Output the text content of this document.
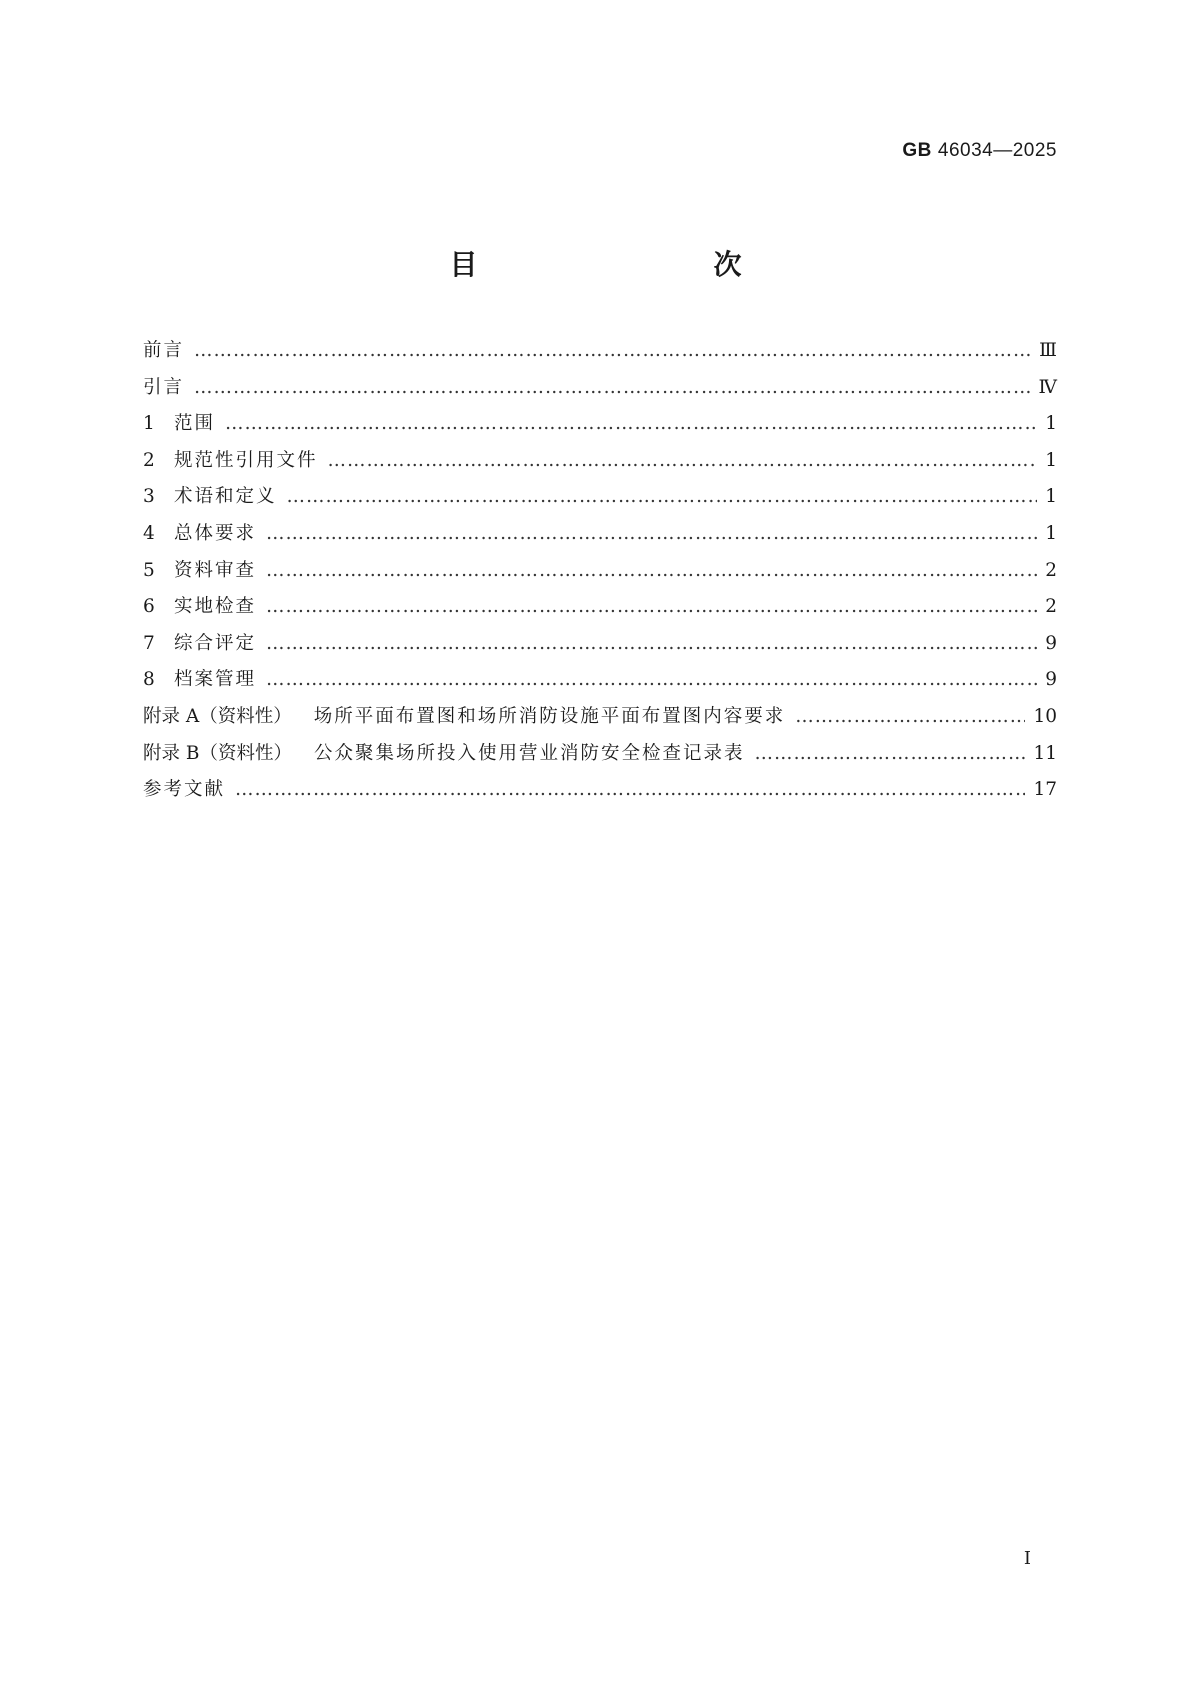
GB 46034—2025
目　　次
前言 …………………………………………………………………………………………………………………………………………………………………	Ⅲ
引言 …………………………………………………………………………………………………………………………………………………………………	Ⅳ
1	范围 …………………………………………………………………………………………………………………………………………………………………	1
2	规范性引用文件 …………………………………………………………………………………………………………………………………………………………………	1
3	术语和定义 …………………………………………………………………………………………………………………………………………………………………	1
4	总体要求 …………………………………………………………………………………………………………………………………………………………………	1
5	资料审查 …………………………………………………………………………………………………………………………………………………………………	2
6	实地检查 …………………………………………………………………………………………………………………………………………………………………	2
7	综合评定 …………………………………………………………………………………………………………………………………………………………………	9
8	档案管理 …………………………………………………………………………………………………………………………………………………………………	9
附录 A（资料性） 场所平面布置图和场所消防设施平面布置图内容要求 …………………………………………………………………………………………………………………………………………………………………	10
附录 B（资料性） 公众聚集场所投入使用营业消防安全检查记录表 …………………………………………………………………………………………………………………………………………………………………	11
参考文献 …………………………………………………………………………………………………………………………………………………………………	17
Ⅰ
